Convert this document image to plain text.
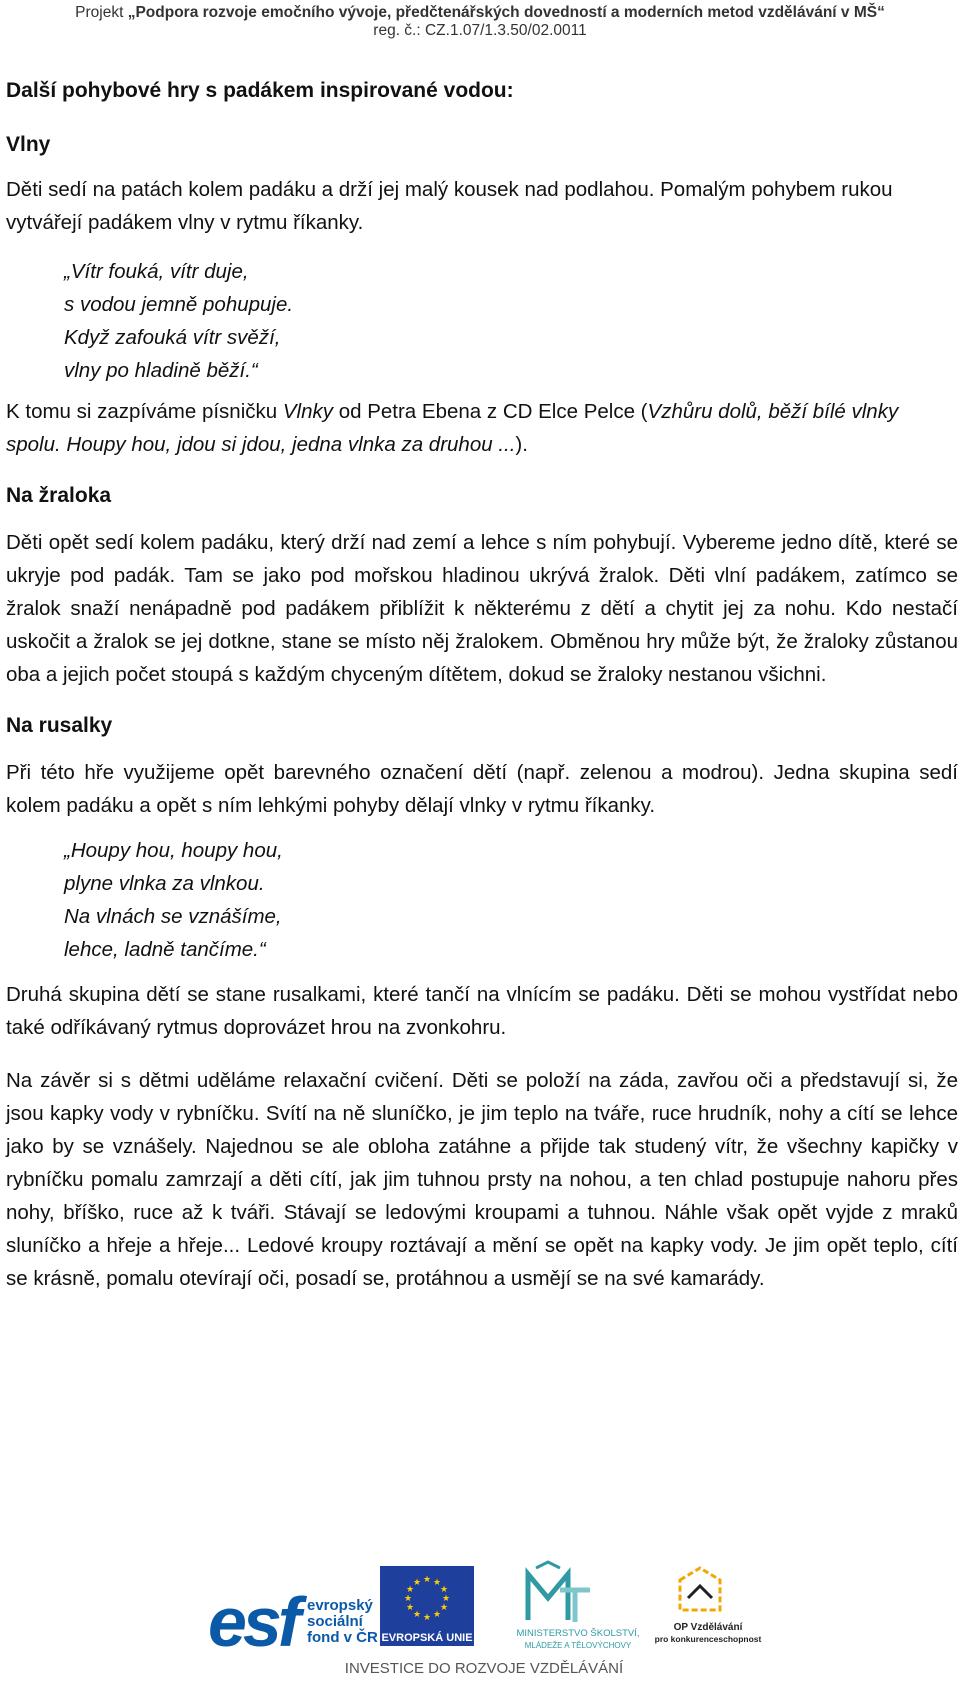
Projekt „Podpora rozvoje emočního vývoje, předčtenářských dovedností a moderních metod vzdělávání v MŠ“
reg. č.: CZ.1.07/1.3.50/02.0011
Další pohybové hry s padákem inspirované vodou:
Vlny

Děti sedí na patách kolem padáku a drží jej malý kousek nad podlahou. Pomalým pohybem rukou vytvářejí padákem vlny v rytmu říkanky.

„Vítr fouká, vítr duje,
s vodou jemně pohupuje.
Když zafouká vítr svěží,
vlny po hladině běží.“

K tomu si zazpíváme písničku Vlnky od Petra Ebena z CD Elce Pelce (Vzhůru dolů, běží bílé vlnky spolu. Houpy hou, jdou si jdou, jedna vlnka za druhou ...).

Na žraloka

Děti opět sedí kolem padáku, který drží nad zemí a lehce s ním pohybují. Vybereme jedno dítě, které se ukryje pod padák. Tam se jako pod mořskou hladinou ukrývá žralok. Děti vlní padákem, zatímco se žralok snaží nenápadně pod padákem přiblížit k některému z dětí a chytit jej za nohu. Kdo nestačí uskočit a žralok se jej dotkne, stane se místo něj žralokem. Obměnou hry může být, že žraloky zůstanou oba a jejich počet stoupá s každým chyceným dítětem, dokud se žraloky nestanou všichni.

Na rusalky

Při této hře využijeme opět barevného označení dětí (např. zelenou a modrou). Jedna skupina sedí kolem padáku a opět s ním lehkými pohyby dělají vlnky v rytmu říkanky.

„Houpy hou, houpy hou,
plyne vlnka za vlnkou.
Na vlnách se vznášíme,
lehce, ladně tančíme.“

Druhá skupina dětí se stane rusalkami, které tančí na vlnícím se padáku. Děti se mohou vystřídat nebo také odříkávaný rytmus doprovázet hrou na zvonkohru.

Na závěr si s dětmi uděláme relaxační cvičení. Děti se položí na záda, zavřou oči a představují si, že jsou kapky vody v rybníčku. Svítí na ně sluníčko, je jim teplo na tváře, ruce hrudník, nohy a cítí se lehce jako by se vznášely. Najednou se ale obloha zatáhne a přijde tak studený vítr, že všechny kapičky v rybníčku pomalu zamrzají a děti cítí, jak jim tuhnou prsty na nohou, a ten chlad postupuje nahoru přes nohy, bříško, ruce až k tváři. Stávají se ledovými kroupami a tuhnou. Náhle však opět vyjde z mraků sluníčko a hřeje a hřeje... Ledové kroupy roztávají a mění se opět na kapky vody. Je jim opět teplo, cítí se krásně, pomalu otevírají oči, posadí se, protáhnou a usmějí se na své kamarády.

esf evropský
sociální
fond v ČR
★ ★
★
★
★
★
★
★
★
★
★
★
EVROPSKÁ UNIE	MINISTERSTVO ŠKOLSTVÍ,
MLÁDEŽE A TĚLOVÝCHOVY
OP Vzdělávání
pro konkurenceschopnost
INVESTICE DO ROZVOJE VZDĚLÁVÁNÍ
